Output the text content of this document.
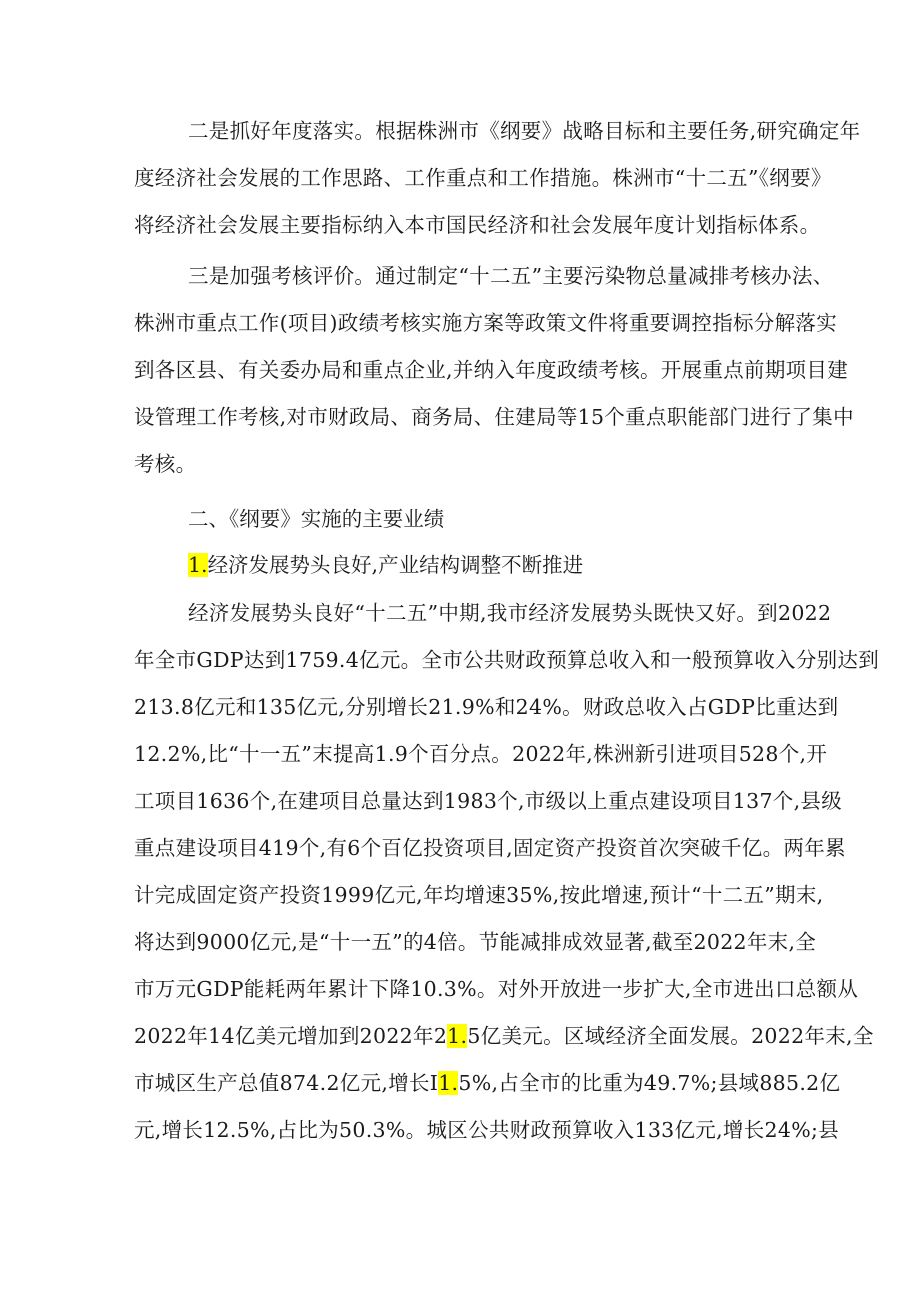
二是抓好年度落实。根据株洲市《纲要》战略目标和主要任务,研究确定年
度经济社会发展的工作思路、工作重点和工作措施。株洲市“十二五”《纲要》
将经济社会发展主要指标纳入本市国民经济和社会发展年度计划指标体系。
三是加强考核评价。通过制定“十二五”主要污染物总量减排考核办法、
株洲市重点工作(项目)政绩考核实施方案等政策文件将重要调控指标分解落实
到各区县、有关委办局和重点企业,并纳入年度政绩考核。开展重点前期项目建
设管理工作考核,对市财政局、商务局、住建局等15个重点职能部门进行了集中
考核。
二、《纲要》实施的主要业绩
1.经济发展势头良好,产业结构调整不断推进
经济发展势头良好“十二五”中期,我市经济发展势头既快又好。到2022
年全市GDP达到1759.4亿元。全市公共财政预算总收入和一般预算收入分别达到
213.8亿元和135亿元,分别增长21.9%和24%。财政总收入占GDP比重达到
12.2%,比“十一五”末提高1.9个百分点。2022年,株洲新引进项目528个,开
工项目1636个,在建项目总量达到1983个,市级以上重点建设项目137个,县级
重点建设项目419个,有6个百亿投资项目,固定资产投资首次突破千亿。两年累
计完成固定资产投资1999亿元,年均增速35%,按此增速,预计“十二五”期末,
将达到9000亿元,是“十一五”的4倍。节能减排成效显著,截至2022年末,全
市万元GDP能耗两年累计下降10.3%。对外开放进一步扩大,全市进出口总额从
2022年14亿美元增加到2022年21.5亿美元。区域经济全面发展。2022年末,全
市城区生产总值874.2亿元,增长I1.5%,占全市的比重为49.7%;县域885.2亿
元,增长12.5%,占比为50.3%。城区公共财政预算收入133亿元,增长24%;县
